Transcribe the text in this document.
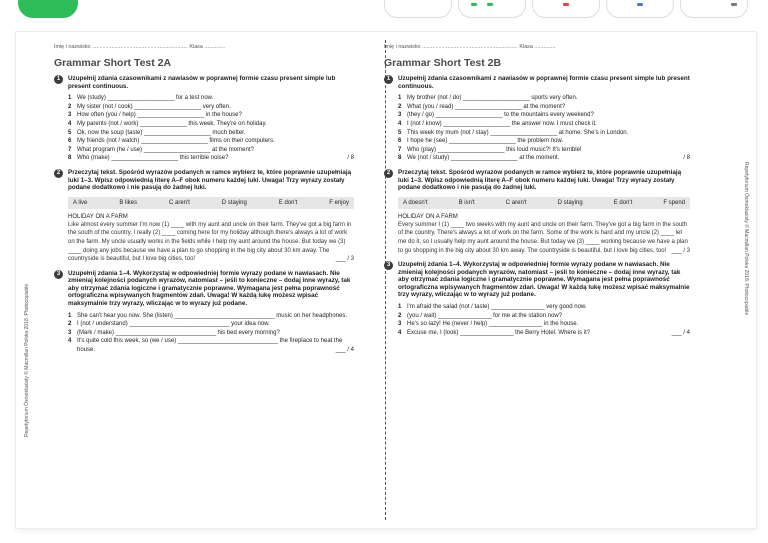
Repetytorium Ósmoklasisty © Macmillan Polska 2018. Photocopiable
Repetytorium Ósmoklasisty © Macmillan Polska 2018. Photocopiable
Imię i nazwisko ................................................................ Klasa ..............
Grammar Short Test 2A
1	Uzupełnij zdania czasownikami z nawiasów w poprawnej formie czasu present simple lub present continuous.
1 We (study) ____________________ for a test now.
2 My sister (not / cook) ____________________ very often.
3 How often (you / help) ____________________ in the house?
4 My parents (not / work) ______________ this week. They're on holiday.
5 Ok, now the soup (taste) ____________________ much better.
6 My friends (not / watch) ____________________ films on their computers.
7 What program (he / use) ____________________ at the moment?
8 Who (make) ____________________ this terrible noise?	/ 8
2	Przeczytaj tekst. Spośród wyrazów podanych w ramce wybierz te, które poprawnie uzupełniają luki 1–3. Wpisz odpowiednią literę A–F obok numeru każdej luki. Uwaga! Trzy wyrazy zostały podane dodatkowo i nie pasują do żadnej luki.
A live	B likes	C aren't	D staying	E don't	F enjoy
HOLIDAY ON A FARM
Like almost every summer I'm now (1) ____ with my aunt and uncle on their farm. They've got a big farm in the south of the country. I really (2) ____ coming here for my holiday although there's always a lot of work on the farm. My uncle usually works in the fields while I help my aunt around the house. But today we (3) ____ doing any jobs because we have a plan to go shopping in the big city about 30 km away. The countryside is beautiful, but I love big cities, too!	___ / 3
3	Uzupełnij zdania 1–4. Wykorzystaj w odpowiedniej formie wyrazy podane w nawiasach. Nie zmieniaj kolejności podanych wyrazów, natomiast – jeśli to konieczne – dodaj inne wyrazy, tak aby otrzymać zdania logiczne i gramatycznie poprawne. Wymagana jest pełna poprawność ortograficzna wpisywanych fragmentów zdań. Uwaga! W każdą lukę możesz wpisać maksymalnie trzy wyrazy, wliczając w to wyrazy już podane.
1 She can't hear you now. She (listen) ______________________________ music on her headphones.
2 I (not / understand) ______________________________ your idea now.
3 (Mark / make) ______________________________ his bed every morning?
4 It's quite cold this week, so (we / use) ______________________________ the fireplace to heat the house.	___ / 4
Imię i nazwisko ................................................................ Klasa ..............
Grammar Short Test 2B
1	Uzupełnij zdania czasownikami z nawiasów w poprawnej formie czasu present simple lub present continuous.
1 My brother (not / do) ____________________ sports very often.
2 What (you / read) ____________________ at the moment?
3 (they / go) ____________________ to the mountains every weekend?
4 I (not / know) ____________________ the answer now. I must check it.
5 This week my mum (not / stay) ____________________ at home. She's in London.
6 I hope he (see) ____________________ the problem now.
7 Who (play) ____________________ this loud music?! It's terrible!
8 We (not / study) ____________________ at the moment.	/ 8
2	Przeczytaj tekst. Spośród wyrazów podanych w ramce wybierz te, które poprawnie uzupełniają luki 1–3. Wpisz odpowiednią literę A–F obok numeru każdej luki. Uwaga! Trzy wyrazy zostały podane dodatkowo i nie pasują do żadnej luki.
A doesn't	B isn't	C aren't	D staying	E don't	F spend
HOLIDAY ON A FARM
Every summer I (1) ____ two weeks with my aunt and uncle on their farm. They've got a big farm in the south of the country. There's always a lot of work on the farm. Some of the work is hard and my uncle (2) ____ let me do it, so I usually help my aunt around the house. But today we (3) ____ working because we have a plan to go shopping in the big city about 30 km away. The countryside is beautiful, but I love big cities, too! ___ / 3
3	Uzupełnij zdania 1–4. Wykorzystaj w odpowiedniej formie wyrazy podane w nawiasach. Nie zmieniaj kolejności podanych wyrazów, natomiast – jeśli to konieczne – dodaj inne wyrazy, tak aby otrzymać zdania logiczne i gramatycznie poprawne. Wymagana jest pełna poprawność ortograficzna wpisywanych fragmentów zdań. Uwaga! W każdą lukę możesz wpisać maksymalnie trzy wyrazy, wliczając w to wyrazy już podane.
1 I'm afraid the salad (not / taste) ________________ very good now.
2 (you / wait) ________________ for me at the station now?
3 He's so lazy! He (never / help) ________________ in the house.
4 Excuse me, I (look) ________________ the Berry Hotel. Where is it?	___ / 4
